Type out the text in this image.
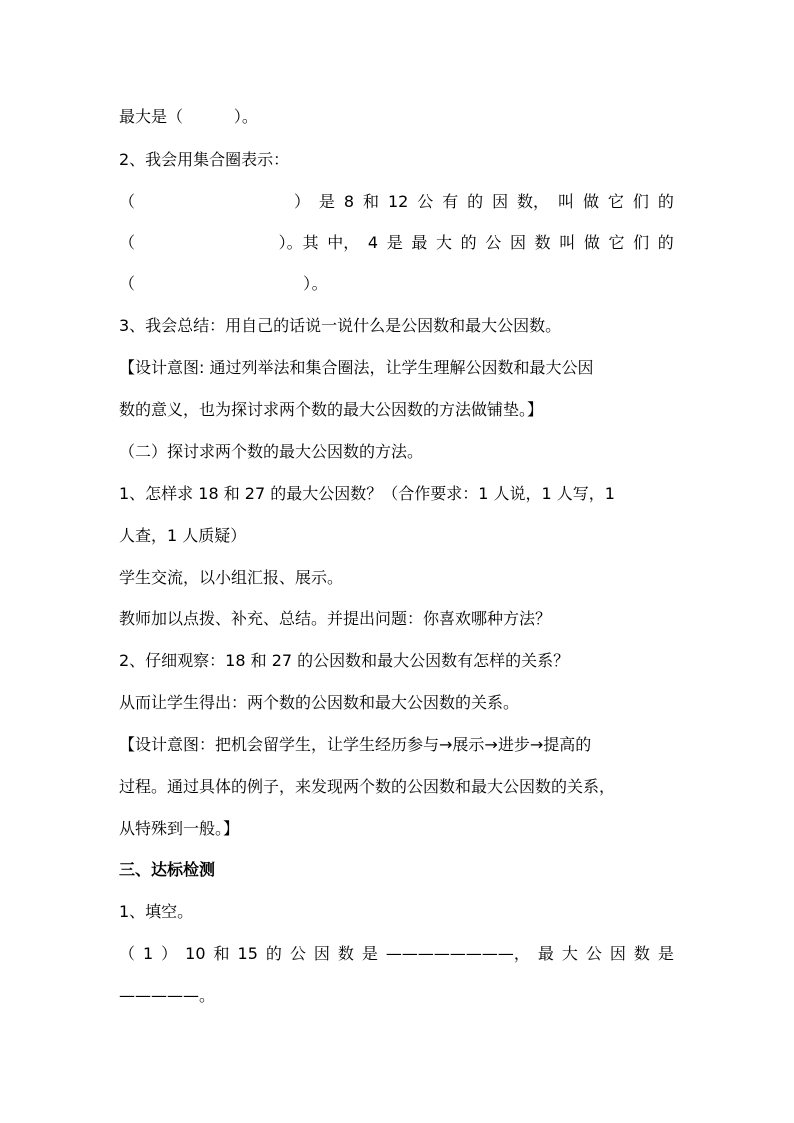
最大是（          ）。
2、我会用集合圈表示：
（	） 是 8 和 12 公 有 的 因 数， 叫 做 它 们 的
（	）。其 中， 4 是 最 大 的 公 因 数 叫 做 它 们 的
（                              ）。
3、我会总结：用自己的话说一说什么是公因数和最大公因数。
【设计意图: 通过列举法和集合圈法，让学生理解公因数和最大公因
数的意义，也为探讨求两个数的最大公因数的方法做铺垫。】
（二）探讨求两个数的最大公因数的方法。
1、怎样求 18 和 27 的最大公因数？（合作要求：1 人说，1 人写，1
人查，1 人质疑）
学生交流，以小组汇报、展示。
教师加以点拨、补充、总结。并提出问题：你喜欢哪种方法？
2、仔细观察：18 和 27 的公因数和最大公因数有怎样的关系？
从而让学生得出：两个数的公因数和最大公因数的关系。
【设计意图：把机会留学生，让学生经历参与→展示→进步→提高的
过程。通过具体的例子，来发现两个数的公因数和最大公因数的关系，
从特殊到一般。】
三、达标检测
1、填空。
（ 1 ） 10 和 15 的 公 因 数 是 ————————， 最 大 公 因 数 是
—————。
